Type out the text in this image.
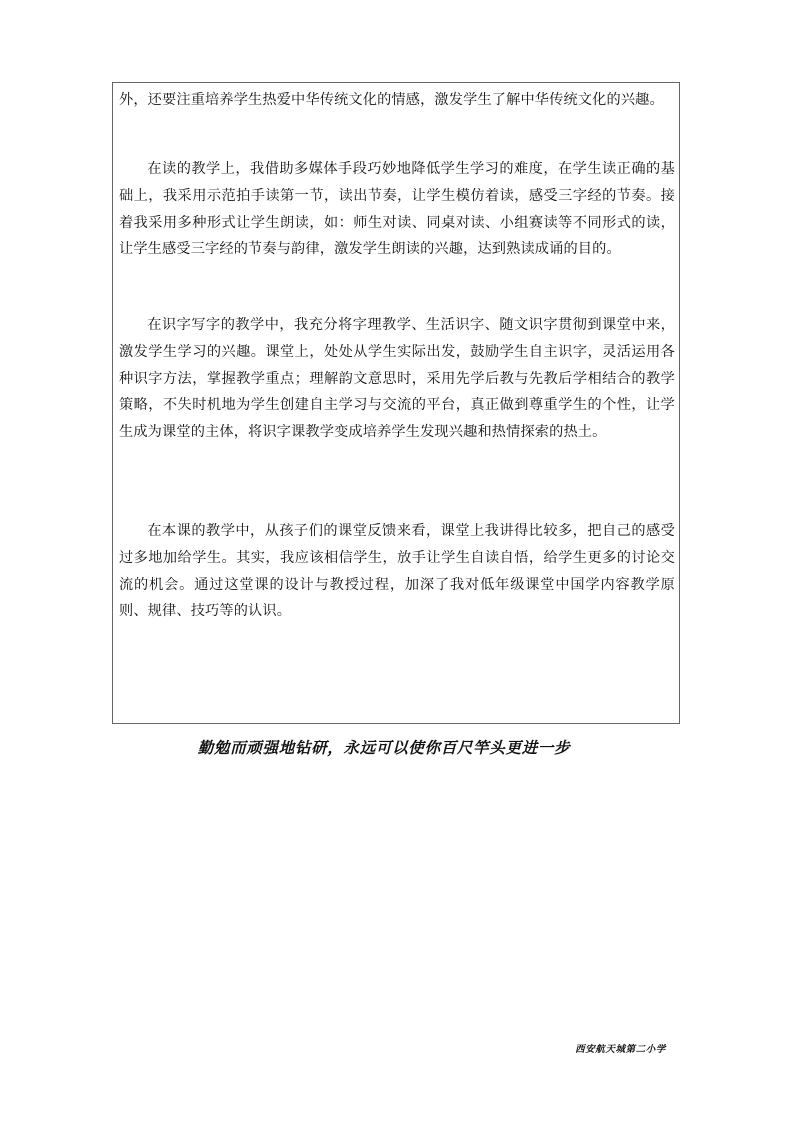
外，还要注重培养学生热爱中华传统文化的情感，激发学生了解中华传统文化的兴趣。

在读的教学上，我借助多媒体手段巧妙地降低学生学习的难度，在学生读正确的基础上，我采用示范拍手读第一节，读出节奏，让学生模仿着读，感受三字经的节奏。接着我采用多种形式让学生朗读，如：师生对读、同桌对读、小组赛读等不同形式的读，让学生感受三字经的节奏与韵律，激发学生朗读的兴趣，达到熟读成诵的目的。

在识字写字的教学中，我充分将字理教学、生活识字、随文识字贯彻到课堂中来，激发学生学习的兴趣。课堂上，处处从学生实际出发，鼓励学生自主识字，灵活运用各种识字方法，掌握教学重点；理解韵文意思时，采用先学后教与先教后学相结合的教学策略，不失时机地为学生创建自主学习与交流的平台，真正做到尊重学生的个性，让学生成为课堂的主体，将识字课教学变成培养学生发现兴趣和热情探索的热土。

在本课的教学中，从孩子们的课堂反馈来看，课堂上我讲得比较多，把自己的感受过多地加给学生。其实，我应该相信学生，放手让学生自读自悟，给学生更多的讨论交流的机会。通过这堂课的设计与教授过程，加深了我对低年级课堂中国学内容教学原则、规律、技巧等的认识。

勤勉而顽强地钻研，永远可以使你百尺竿头更进一步
西安航天城第二小学
